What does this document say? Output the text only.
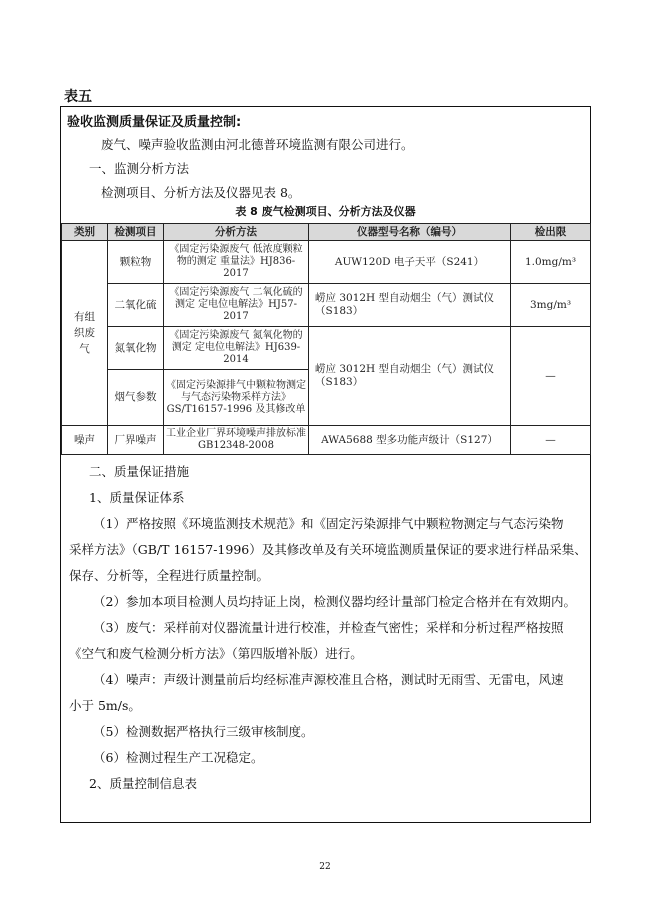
表五
验收监测质量保证及质量控制:
废气、噪声验收监测由河北德普环境监测有限公司进行。
一、监测分析方法
检测项目、分析方法及仪器见表 8。
表 8 废气检测项目、分析方法及仪器
类别	检测项目	分析方法	仪器型号名称（编号）	检出限
有组织废气	颗粒物	《固定污染源废气 低浓度颗粒物的测定 重量法》HJ836-2017	AUW120D 电子天平（S241）	1.0mg/m³
	二氧化硫	《固定污染源废气 二氧化硫的测定 定电位电解法》HJ57-2017	崂应 3012H 型自动烟尘（气）测试仪（S183）	3mg/m³
	氮氧化物	《固定污染源废气 氮氧化物的测定 定电位电解法》HJ639-2014	崂应 3012H 型自动烟尘（气）测试仪（S183）	—
	烟气参数	《固定污染源排气中颗粒物测定与气态污染物采样方法》GS/T16157-1996 及其修改单		
噪声	厂界噪声	工业企业厂界环境噪声排放标准 GB12348-2008	AWA5688 型多功能声级计（S127）	—

二、质量保证措施

1、质量保证体系

（1）严格按照《环境监测技术规范》和《固定污染源排气中颗粒物测定与气态污染物

采样方法》（GB/T 16157-1996）及其修改单及有关环境监测质量保证的要求进行样品采集、

保存、分析等，全程进行质量控制。

（2）参加本项目检测人员均持证上岗，检测仪器均经计量部门检定合格并在有效期内。

（3）废气：采样前对仪器流量计进行校准，并检查气密性；采样和分析过程严格按照

《空气和废气检测分析方法》（第四版增补版）进行。

（4）噪声：声级计测量前后均经标准声源校准且合格，测试时无雨雪、无雷电，风速

小于 5m/s。

（5）检测数据严格执行三级审核制度。

（6）检测过程生产工况稳定。

2、质量控制信息表

22
